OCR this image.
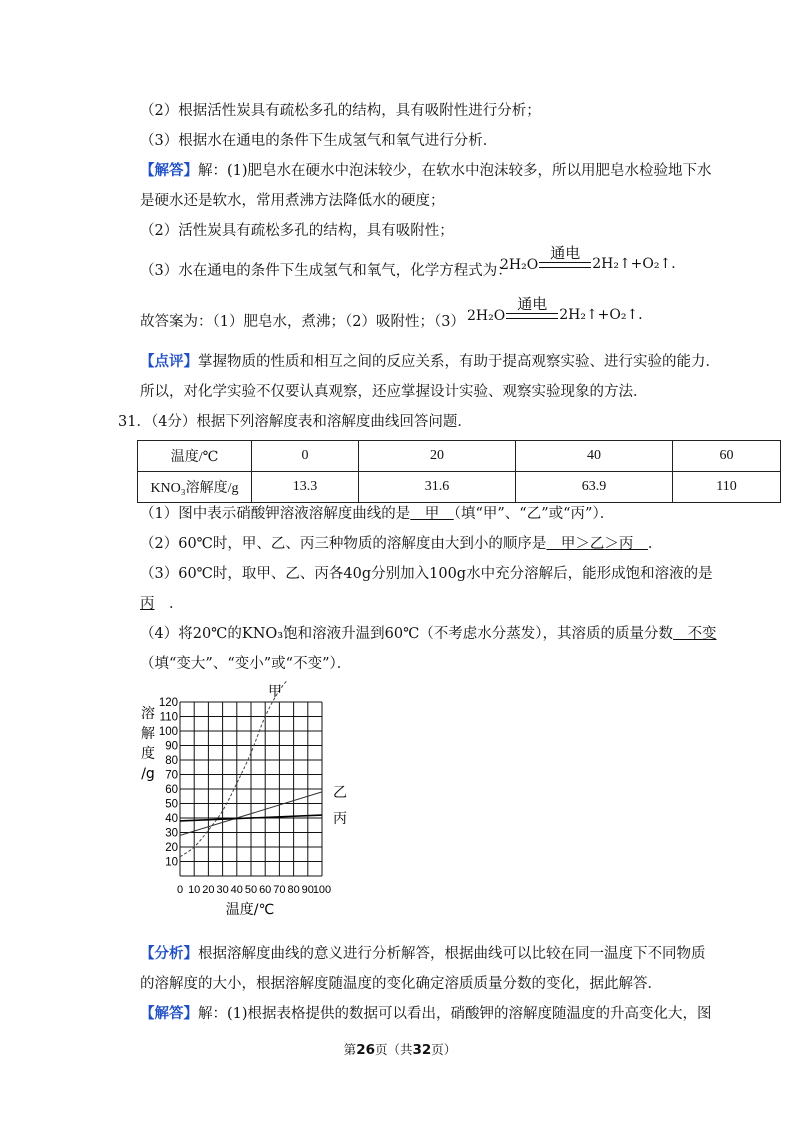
（2）根据活性炭具有疏松多孔的结构，具有吸附性进行分析；
（3）根据水在通电的条件下生成氢气和氧气进行分析．
【解答】解：(1)肥皂水在硬水中泡沫较少，在软水中泡沫较多，所以用肥皂水检验地下水
是硬水还是软水，常用煮沸方法降低水的硬度；
（2）活性炭具有疏松多孔的结构，具有吸附性；
（3）水在通电的条件下生成氢气和氧气，化学方程式为：
2H₂O
通电
2H₂↑+O₂↑．
故答案为：（1）肥皂水，煮沸；（2）吸附性；（3） 2H₂O
通电
2H₂↑+O₂↑．
【点评】掌握物质的性质和相互之间的反应关系，有助于提高观察实验、进行实验的能力．
所以，对化学实验不仅要认真观察，还应掌握设计实验、观察实验现象的方法．
31．（4分）根据下列溶解度表和溶解度曲线回答问题．
温度/℃	0	20	40	60
KNO₃溶解度/g	13.3	31.6	63.9	110
（1）图中表示硝酸钾溶液溶解度曲线的是　甲　（填“甲”、“乙”或“丙”）．
（2）60℃时，甲、乙、丙三种物质的溶解度由大到小的顺序是　甲＞乙＞丙　．
（3）60℃时，取甲、乙、丙各40g分别加入100g水中充分溶解后，能形成饱和溶液的是
丙　．
（4）将20℃的KNO₃饱和溶液升温到60℃（不考虑水分蒸发），其溶质的质量分数　不变
（填“变大”、“变小”或“不变”）．
10
20
30
40
50
60
70
80
90
100
110
120
0 10 20 30 40 50 60 70 80 90
100
溶
解
度
/g
温度/℃
甲
乙
丙
【分析】根据溶解度曲线的意义进行分析解答，根据曲线可以比较在同一温度下不同物质
的溶解度的大小，根据溶解度随温度的变化确定溶质质量分数的变化，据此解答．
【解答】解：(1)根据表格提供的数据可以看出，硝酸钾的溶解度随温度的升高变化大，图
第26页（共32页）
